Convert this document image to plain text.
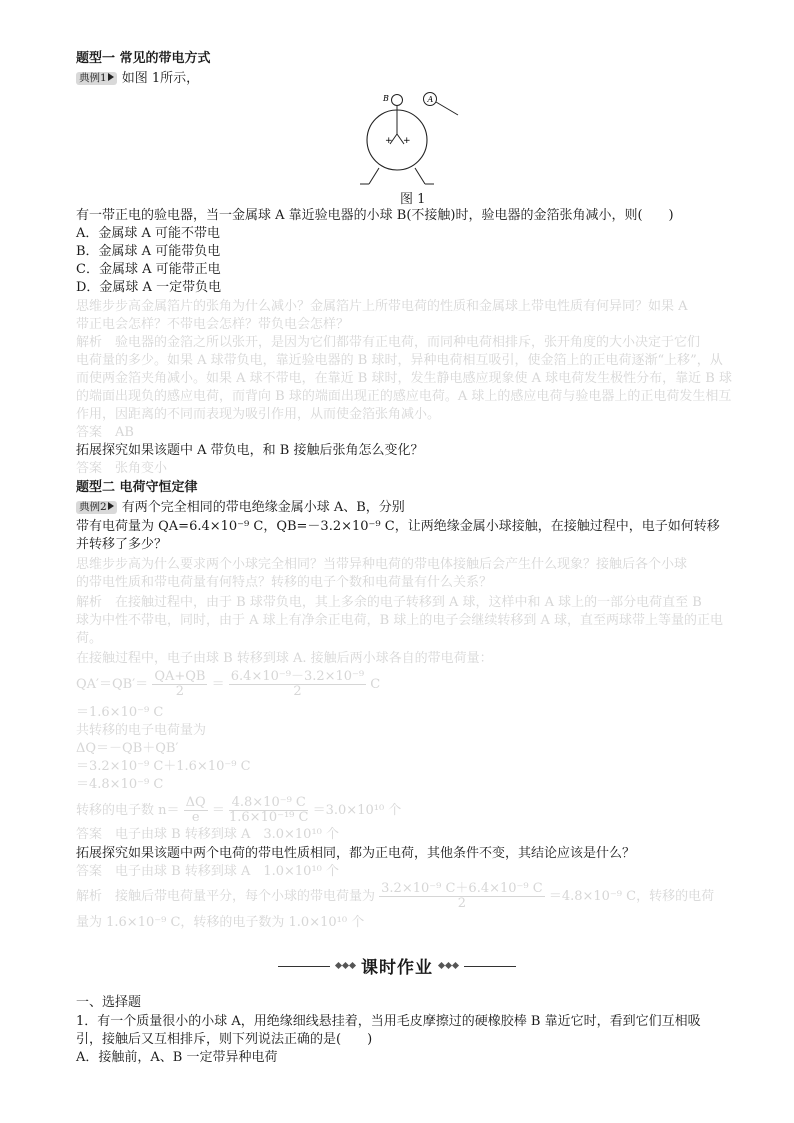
题型一 常见的带电方式
典例1 如图 1所示，
B	A
+ +
图 1
有一带正电的验电器，当一金属球 A 靠近验电器的小球 B(不接触)时，验电器的金箔张角减小，则(　　)
A．金属球 A 可能不带电
B．金属球 A 可能带负电
C．金属球 A 可能带正电
D．金属球 A 一定带负电
思维步步高金属箔片的张角为什么减小？金属箔片上所带电荷的性质和金属球上带电性质有何异同？如果 A
带正电会怎样？不带电会怎样？带负电会怎样？
解析　验电器的金箔之所以张开，是因为它们都带有正电荷，而同种电荷相排斥，张开角度的大小决定于它们
电荷量的多少。如果 A 球带负电，靠近验电器的 B 球时，异种电荷相互吸引，使金箔上的正电荷逐渐“上移”，从
而使两金箔夹角减小。如果 A 球不带电，在靠近 B 球时，发生静电感应现象使 A 球电荷发生极性分布，靠近 B 球
的端面出现负的感应电荷，而背向 B 球的端面出现正的感应电荷。A 球上的感应电荷与验电器上的正电荷发生相互
作用，因距离的不同而表现为吸引作用，从而使金箔张角减小。
答案　AB
拓展探究如果该题中 A 带负电，和 B 接触后张角怎么变化？
答案　张角变小
题型二 电荷守恒定律
典例2 有两个完全相同的带电绝缘金属小球 A、B，分别
带有电荷量为 QA=6.4×10⁻⁹ C，QB=－3.2×10⁻⁹ C，让两绝缘金属小球接触，在接触过程中，电子如何转移
并转移了多少？
思维步步高为什么要求两个小球完全相同？当带异种电荷的带电体接触后会产生什么现象？接触后各个小球
的带电性质和带电荷量有何特点？转移的电子个数和电荷量有什么关系？
解析　在接触过程中，由于 B 球带负电，其上多余的电子转移到 A 球，这样中和 A 球上的一部分电荷直至 B
球为中性不带电，同时，由于 A 球上有净余正电荷，B 球上的电子会继续转移到 A 球，直至两球带上等量的正电
荷。
在接触过程中，电子由球 B 转移到球 A. 接触后两小球各自的带电荷量：
$QA'=QB'= \frac{QA+QB}{2} = \frac{\text{6.4×10⁻⁹－3.2×10⁻⁹}}{2}$ C
＝1.6×10⁻⁹ C
共转移的电子电荷量为
ΔQ＝－QB＋QB′
＝3.2×10⁻⁹ C＋1.6×10⁻⁹ C
＝4.8×10⁻⁹ C
转移的电子数 $n= \frac{\Delta Q}{e} = \frac{\text{4.8×10⁻⁹ C}}{\text{1.6×10⁻¹⁹ C}} =3.0\times 10^{10}$ 个
答案　电子由球 B 转移到球 A　3.0×10¹⁰ 个
拓展探究如果该题中两个电荷的带电性质相同，都为正电荷，其他条件不变，其结论应该是什么？
答案　电子由球 B 转移到球 A　1.0×10¹⁰ 个
解析　接触后带电荷量平分，每个小球的带电荷量为 $\frac{\text{3.2×10⁻⁹ C＋6.4×10⁻⁹ C}}{2} =4.8\times 10^{-9}$ C，转移的电荷
量为 1.6×10⁻⁹ C，转移的电子数为 1.0×10¹⁰ 个
课时作业
一、选择题
1．有一个质量很小的小球 A，用绝缘细线悬挂着，当用毛皮摩擦过的硬橡胶棒 B 靠近它时，看到它们互相吸
引，接触后又互相排斥，则下列说法正确的是(　　)
A．接触前，A、B 一定带异种电荷
